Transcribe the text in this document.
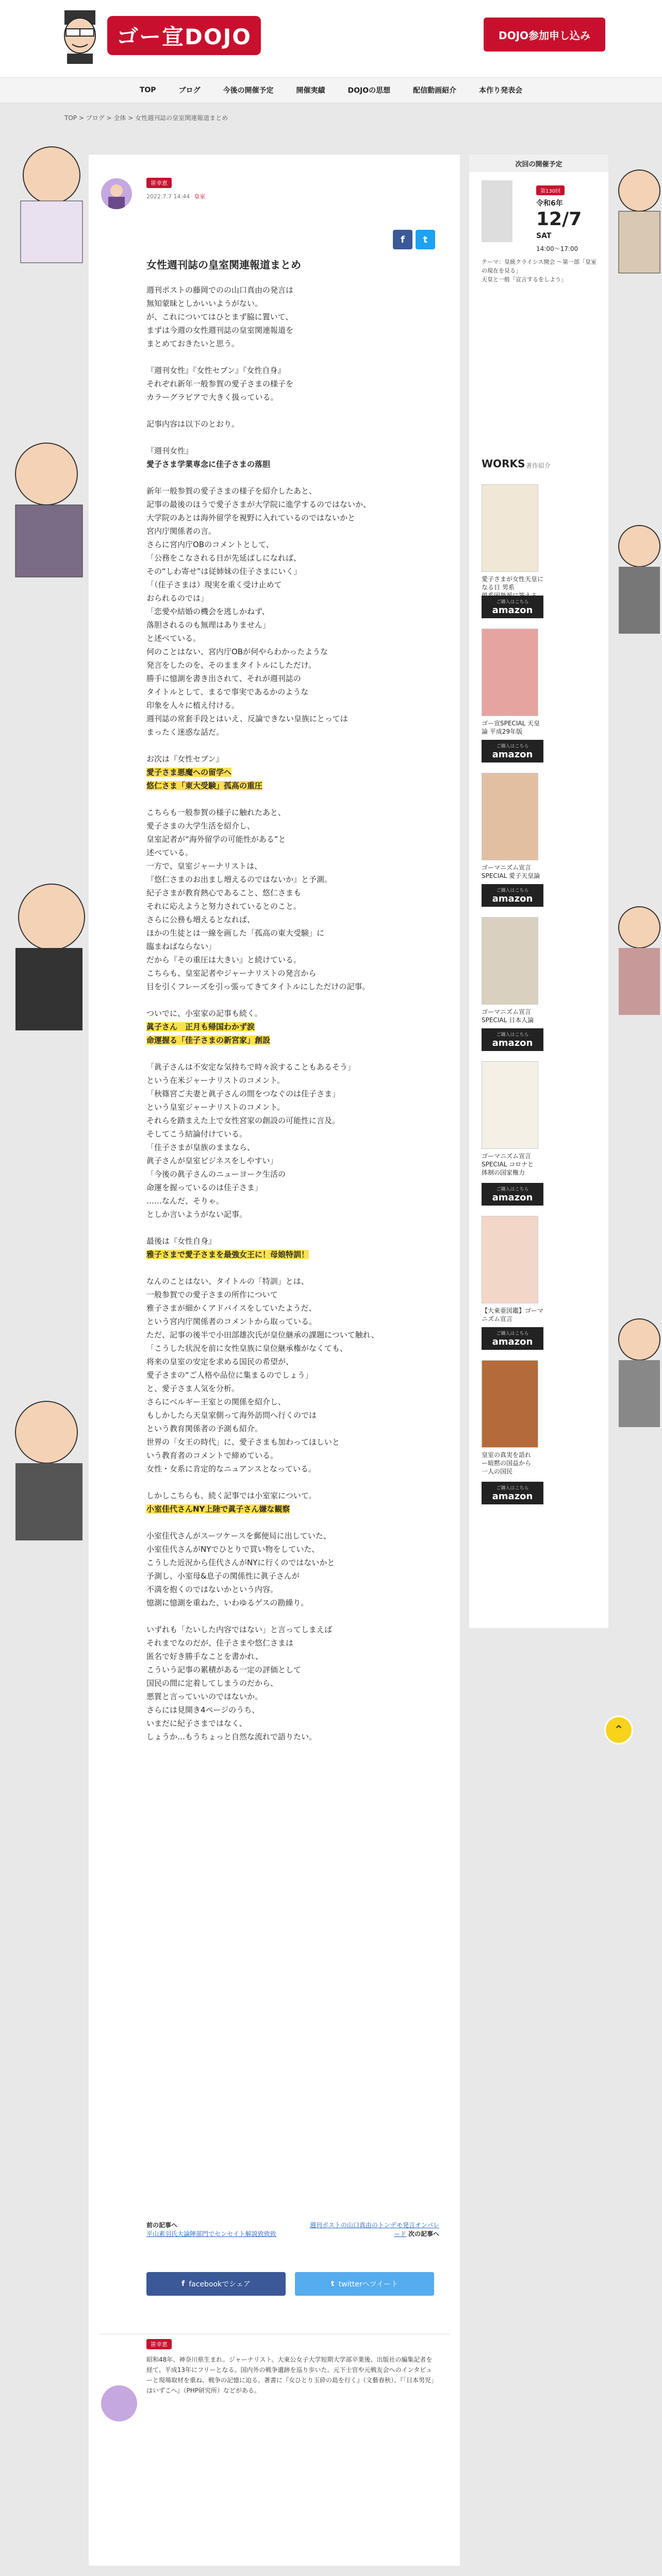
ゴー宣DOJO	DOJO参加申し込み
TOP	ブログ	今後の開催予定	開催実績	DOJOの思想	配信動画紹介	本作り発表会
TOP > ブログ > 全体 > 女性週刊誌の皇室関連報道まとめ
笹幸恵
2022.7.7 14:44 皇室
f	t
女性週刊誌の皇室関連報道まとめ

週刊ポストの藤岡でのの山口真由の発言は
無知蒙昧としかいいようがない。
が、これについてはひとまず脇に置いて、
まずは今週の女性週刊誌の皇室関連報道を
まとめておきたいと思う。

『週刊女性』『女性セブン』『女性自身』
それぞれ新年一般参賀の愛子さまの様子を
カラーグラビアで大きく扱っている。

記事内容は以下のとおり。

『週刊女性』

愛子さま学業専念に佳子さまの落胆

新年一般参賀の愛子さまの様子を紹介したあと、
記事の最後のほうで愛子さまが大学院に進学するのではないか、
大学院のあとは海外留学を視野に入れているのではないかと
宮内庁関係者の言。
さらに宮内庁OBのコメントとして、
「公務をこなされる日が先延ばしになれば、
その“しわ寄せ”は従姉妹の佳子さまにいく」
「（佳子さまは）現実を重く受け止めて
おられるのでは」
「恋愛や結婚の機会を逃しかねず、
落胆されるのも無理はありません」
と述べている。
何のことはない、宮内庁OBが何やらわかったような
発言をしたのを、そのままタイトルにしただけ。
勝手に憶測を書き出されて、それが週刊誌の
タイトルとして、まるで事実であるかのような
印象を人々に植え付ける。
週刊誌の常套手段とはいえ、反論できない皇族にとっては
まったく迷惑な話だ。

お次は『女性セブン』

愛子さま悪魔への留学へ
悠仁さま「東大受験」孤高の重圧

こちらも一般参賀の様子に触れたあと、
愛子さまの大学生活を紹介し、
皇室記者が“海外留学の可能性がある”と
述べている。
一方で、皇室ジャーナリストは、
『悠仁さまのお出まし増えるのではないか』と予測。
紀子さまが教育熱心であること、悠仁さまも
それに応えようと努力されているとのこと。
さらに公務も増えるとなれば、
ほかの生徒とは一線を画した「孤高の東大受験」に
臨まねばならない」
だから『その重圧は大きい』と続けている。
こちらも、皇室記者やジャーナリストの発言から
目を引くフレーズを引っ張ってきてタイトルにしただけの記事。

ついでに、小室家の記事も続く。

眞子さん　正月も帰国わかず涙
命運握る「佳子さまの新宮家」創設

「眞子さんは不安定な気持ちで時々涙することもあるそう」
という在米ジャーナリストのコメント。
「秋篠宮ご夫妻と眞子さんの間をつなぐのは佳子さま」
という皇室ジャーナリストのコメント。
それらを踏まえた上で女性宮家の創設の可能性に言及。
そしてこう結論付けている。
「佳子さまが皇族のままなら、
眞子さんが皇室ビジネスをしやすい」
「今後の眞子さんのニューヨーク生活の
命運を握っているのは佳子さま」
……なんだ、そりゃ。
としか言いようがない記事。

最後は『女性自身』

雅子さまで愛子さまを最強女王に！母娘特訓！

なんのことはない、タイトルの「特訓」とは、
一般参賀での愛子さまの所作について
雅子さまが細かくアドバイスをしていたようだ、
という宮内庁関係者のコメントから取っている。
ただ、記事の後半で小田部雄次氏が皇位継承の課題について触れ、
「こうした状況を前に女性皇族に皇位継承権がなくても、
将来の皇室の安定を求める国民の希望が、
愛子さまの“ご人格や品位に集まるのでしょう」
と、愛子さま人気を分析。
さらにベルギー王室との関係を紹介し、
もしかしたら天皇家側って海外訪問へ行くのでは
という教育関係者の予測も紹介。
世界の「女王の時代」に、愛子さまも加わってほしいと
いう教育者のコメントで締めている。
女性・女系に肯定的なニュアンスとなっている。

しかしこちらも、続く記事では小室家について。

小室佳代さんNY上陸で眞子さん嫌な観察

小室佳代さんがスーツケースを郵便局に出していた、
小室佳代さんがNYでひとりで買い物をしていた、
こうした近況から佳代さんがNYに行くのではないかと
予測し、小室母&息子の関係性に眞子さんが
不満を抱くのではないかという内容。
憶測に憶測を重ねた、いわゆるゲスの勘繰り。

いずれも「たいした内容ではない」と言ってしまえば
それまでなのだが、佳子さまや悠仁さまは
匿名で好き勝手なことを書かれ、
こういう記事の累積がある一定の評価として
国民の間に定着してしまうのだから、
悪質と言っていいのではないか。
さらには見開き4ページのうち、
いまだに紀子さまではなく、
しょうか…もうちょっと自然な流れで語りたい。

前の記事へ
平山素羽氏大論陣部門でセンセイト解説致致致
週刊ポストの山口真由のトンデモ発言オンパレード 次の記事へ
f facebookでシェア	t twitterへツイート
笹幸恵
昭和48年、神奈川県生まれ。ジャーナリスト。大東公女子大学短期大学部卒業後、出版社の編集記者を経て、平成13年にフリーとなる。国内外の戦争遺跡を巡り歩いた。元下士官や元戦友会へのインタビューと現場取材を重ね、戦争の記憶に迫る。著書に『女ひとり玉砕の島を行く』（文藝春秋）、『「日本男児」はいずこへ』（PHP研究所）などがある。
次回の開催予定
第130回
令和6年
12/7
SAT
14:00〜17:00
テーマ：皇統クライシス開会 〜第一部「皇室の現在を見る」
天皇と一般「宣言するをしよう」
WORKS 著作紹介
愛子さまが女性天皇になる日 男系

ご購入はこちら
amazon
ゴー宣SPECIAL 天皇論 平成29年版
ご購入はこちら
amazon
ゴーマニズム宣言
SPECIAL 愛子天皇論
ご購入はこちら
amazon
ゴーマニズム宣言
SPECIAL 日本人論
ご購入はこちら
amazon
ゴーマニズム宣言
SPECIAL コロナと
体制の国家権力
ご購入はこちら
amazon
【大東亜図鑑】ゴーマニズム宣言
ご購入はこちら
amazon
皇室の真実を語れ
ー暗黙の国益から
一人の国民
ご購入はこちら
amazon
⌃
